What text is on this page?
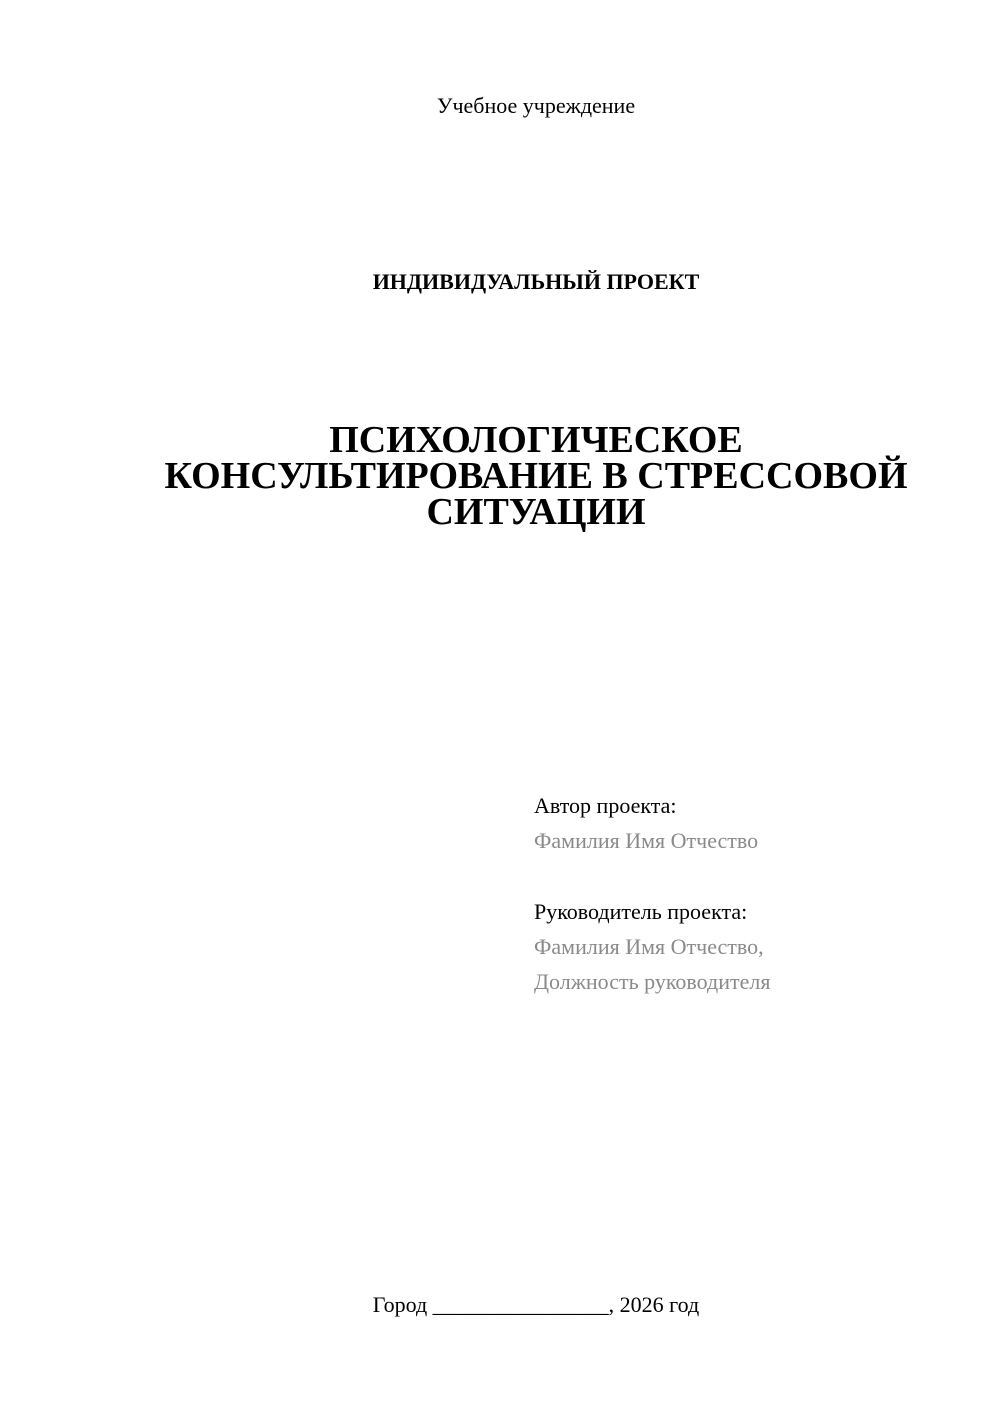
Учебное учреждение
ИНДИВИДУАЛЬНЫЙ ПРОЕКТ
ПСИХОЛОГИЧЕСКОЕ
КОНСУЛЬТИРОВАНИЕ В СТРЕССОВОЙ
СИТУАЦИИ
Автор проекта:
Фамилия Имя Отчество
Руководитель проекта:
Фамилия Имя Отчество,
Должность руководителя
Город ________________, 2026 год
